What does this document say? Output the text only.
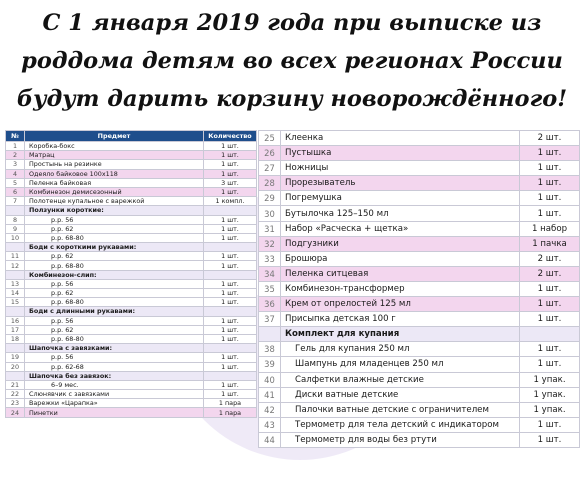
С 1 января 2019 года при выписке из
роддома детям во всех регионах России
будут дарить корзину новорождённого!
№	Предмет	Количество
1	Коробка-бокс	1 шт.
2	Матрац	1 шт.
3	Простынь на резинке	1 шт.
4	Одеяло байковое 100х118	1 шт.
5	Пеленка байковая	3 шт.
6	Комбинезон демисезонный	1 шт.
7	Полотенце купальное с варежкой	1 компл.
	Ползунки короткие:	
8	р.р. 56	1 шт.
9	р.р. 62	1 шт.
10	р.р. 68-80	1 шт.
	Боди с короткими рукавами:	
11	р.р. 62	1 шт.
12	р.р. 68-80	1 шт.
	Комбинезон-слип:	
13	р.р. 56	1 шт.
14	р.р. 62	1 шт.
15	р.р. 68-80	1 шт.
	Боди с длинными рукавами:	
16	р.р. 56	1 шт.
17	р.р. 62	1 шт.
18	р.р. 68-80	1 шт.
	Шапочка с завязками:	
19	р.р. 56	1 шт.
20	р.р. 62-68	1 шт.
	Шапочка без завязок:	
21	6–9 мес.	1 шт.
22	Слюнявчик с завязками	1 шт.
23	Варежки «Царапка»	1 пара
24	Пинетки	1 пара
25	Клеенка	2 шт.
26	Пустышка	1 шт.
27	Ножницы	1 шт.
28	Прорезыватель	1 шт.
29	Погремушка	1 шт.
30	Бутылочка 125–150 мл	1 шт.
31	Набор «Расческа + щетка»	1 набор
32	Подгузники	1 пачка
33	Брошюра	2 шт.
34	Пеленка ситцевая	2 шт.
35	Комбинезон-трансформер	1 шт.
36	Крем от опрелостей 125 мл	1 шт.
37	Присыпка детская 100 г	1 шт.
	Комплект для купания	
38	Гель для купания 250 мл	1 шт.
39	Шампунь для младенцев 250 мл	1 шт.
40	Салфетки влажные детские	1 упак.
41	Диски ватные детские	1 упак.
42	Палочки ватные детские с ограничителем	1 упак.
43	Термометр для тела детский с индикатором	1 шт.
44	Термометр для воды без ртути	1 шт.
